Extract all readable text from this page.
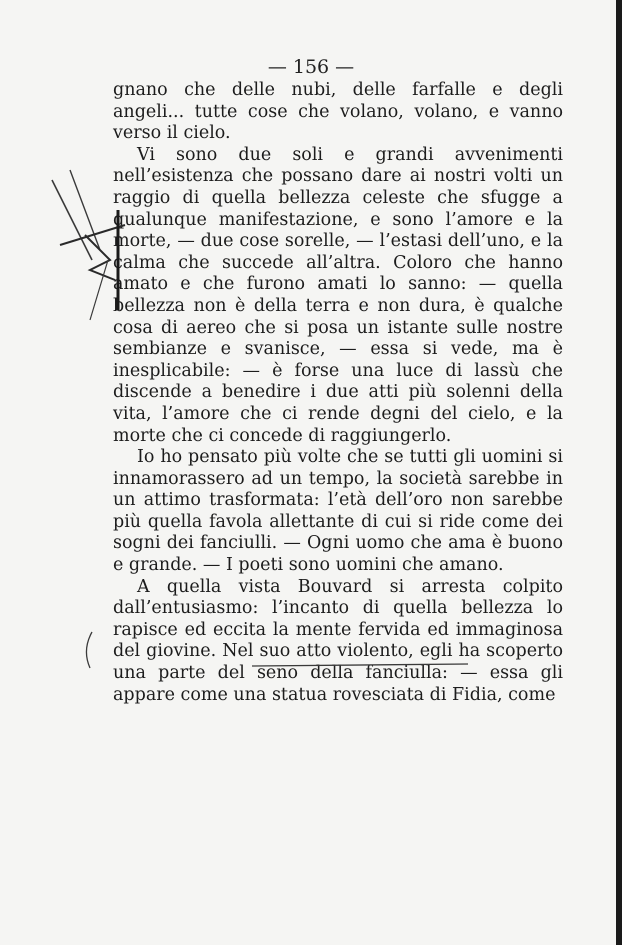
— 156 —

gnano che delle nubi, delle farfalle e degli angeli... tutte cose che volano, volano, e vanno verso il cielo.

Vi sono due soli e grandi avvenimenti nell’esistenza che possano dare ai nostri volti un raggio di quella bellezza celeste che sfugge a qualunque manifestazione, e sono l’amore e la morte, — due cose sorelle, — l’estasi dell’uno, e la calma che succede all’altra. Coloro che hanno amato e che furono amati lo sanno: — quella bellezza non è della terra e non dura, è qualche cosa di aereo che si posa un istante sulle nostre sembianze e svanisce, — essa si vede, ma è inesplicabile: — è forse una luce di lassù che discende a benedire i due atti più solenni della vita, l’amore che ci rende degni del cielo, e la morte che ci concede di raggiungerlo.

Io ho pensato più volte che se tutti gli uomini si innamorassero ad un tempo, la società sarebbe in un attimo trasformata: l’età dell’oro non sarebbe più quella favola allettante di cui si ride come dei sogni dei fanciulli. — Ogni uomo che ama è buono e grande. — I poeti sono uomini che amano.

A quella vista Bouvard si arresta colpito dall’entusiasmo: l’incanto di quella bellezza lo rapisce ed eccita la mente fervida ed immaginosa del giovine. Nel suo atto violento, egli ha scoperto una parte del seno della fanciulla: — essa gli appare come una statua rovesciata di Fidia, come
